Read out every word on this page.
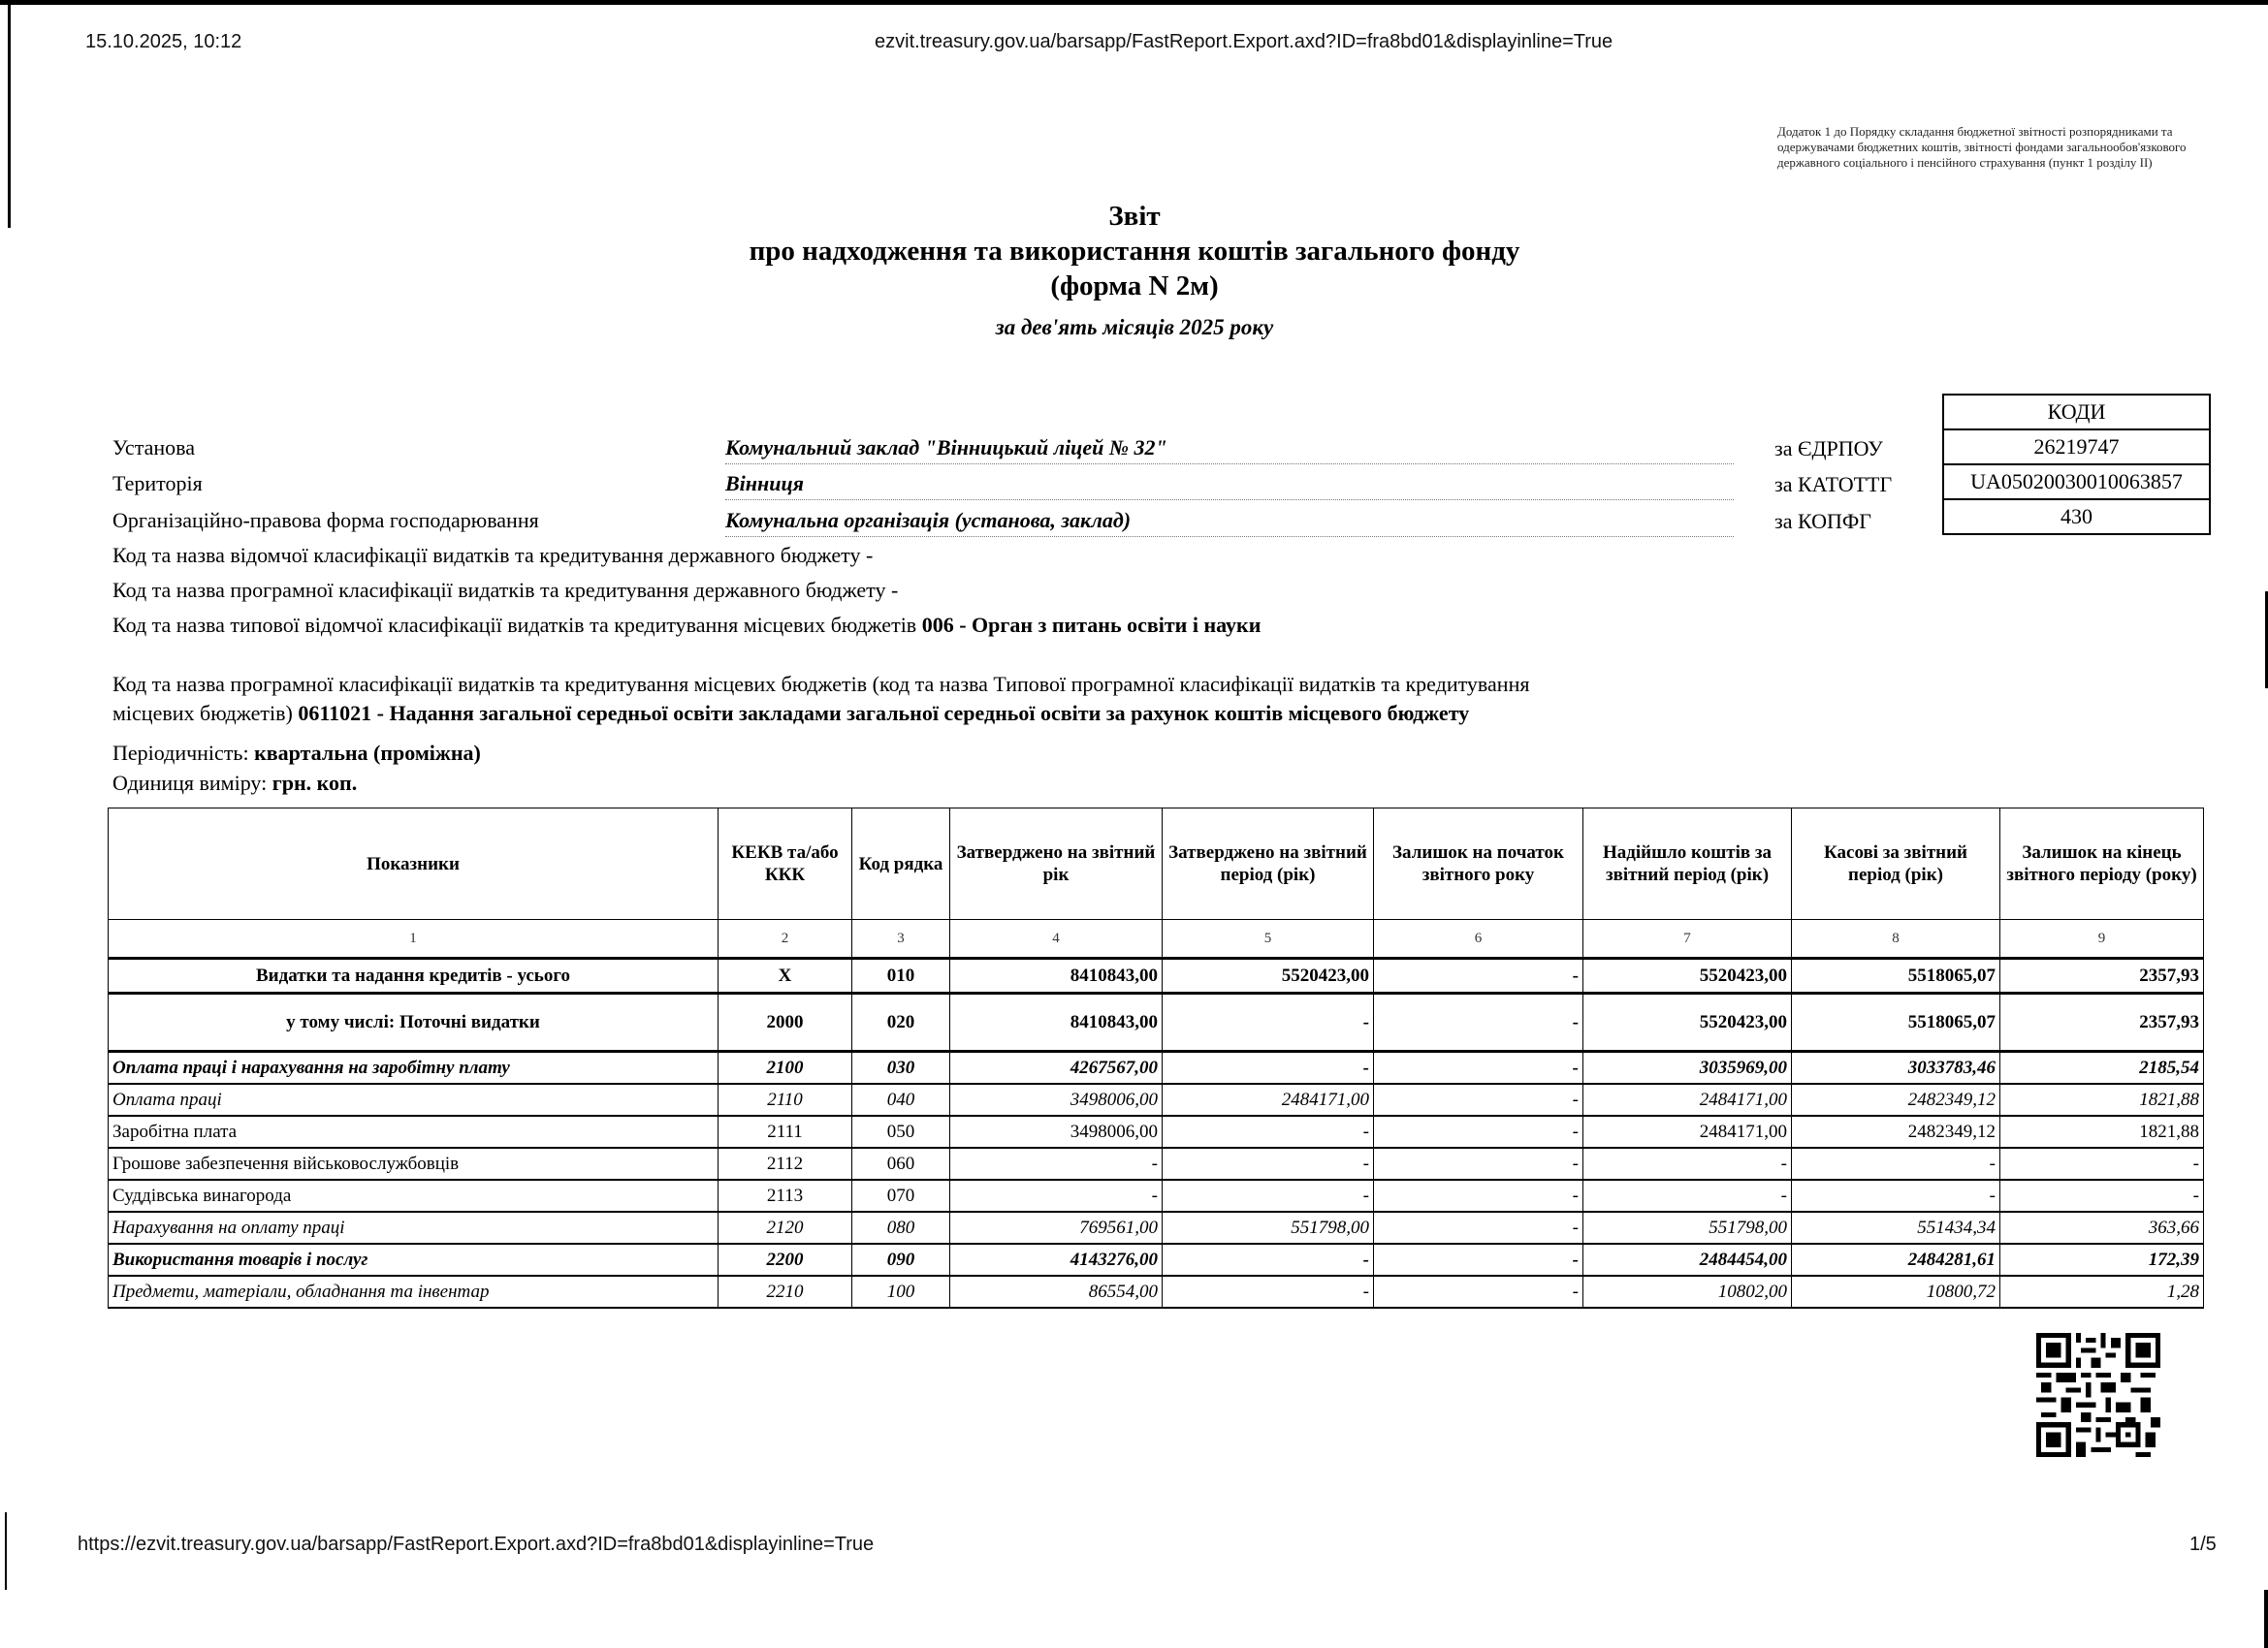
15.10.2025, 10:12	ezvit.treasury.gov.ua/barsapp/FastReport.Export.axd?ID=fra8bd01&displayinline=True
Додаток 1 до Порядку складання бюджетної звітності розпорядниками та одержувачами бюджетних коштів, звітності фондами загальнообов'язкового державного соціального і пенсійного страхування (пункт 1 розділу II)
Звіт
про надходження та використання коштів загального фонду
(форма N 2м)
за дев'ять місяців 2025 року
КОДИ
26219747
UA05020030010063857
430
за ЄДРПОУ
за КАТОТТГ
за КОПФГ
Установа	Комунальний заклад "Вінницький ліцей № 32"
Територія	Вінниця
Організаційно-правова форма господарювання	Комунальна організація (установа, заклад)
Код та назва відомчої класифікації видатків та кредитування державного бюджету -
Код та назва програмної класифікації видатків та кредитування державного бюджету -
Код та назва типової відомчої класифікації видатків та кредитування місцевих бюджетів 006 - Орган з питань освіти і науки
Код та назва програмної класифікації видатків та кредитування місцевих бюджетів (код та назва Типової програмної класифікації видатків та кредитування
місцевих бюджетів) 0611021 - Надання загальної середньої освіти закладами загальної середньої освіти за рахунок коштів місцевого бюджету
Періодичність: квартальна (проміжна)
Одиниця виміру: грн. коп.
Показники	КЕКВ та/або ККК	Код рядка	Затверджено на звітний рік	Затверджено на звітний період (рік)	Залишок на початок звітного року	Надійшло коштів за звітний період (рік)	Касові за звітний період (рік)	Залишок на кінець звітного періоду (року)
1	2	3	4	5	6	7	8	9
Видатки та надання кредитів - усього	X	010	8410843,00	5520423,00	-	5520423,00	5518065,07	2357,93
у тому числі: Поточні видатки	2000	020	8410843,00	-	-	5520423,00	5518065,07	2357,93
Оплата праці і нарахування на заробітну плату	2100	030	4267567,00	-	-	3035969,00	3033783,46	2185,54
Оплата праці	2110	040	3498006,00	2484171,00	-	2484171,00	2482349,12	1821,88
Заробітна плата	2111	050	3498006,00	-	-	2484171,00	2482349,12	1821,88
Грошове забезпечення військовослужбовців	2112	060	-	-	-	-	-	-
Суддівська винагорода	2113	070	-	-	-	-	-	-
Нарахування на оплату праці	2120	080	769561,00	551798,00	-	551798,00	551434,34	363,66
Використання товарів і послуг	2200	090	4143276,00	-	-	2484454,00	2484281,61	172,39
Предмети, матеріали, обладнання та інвентар	2210	100	86554,00	-	-	10802,00	10800,72	1,28
https://ezvit.treasury.gov.ua/barsapp/FastReport.Export.axd?ID=fra8bd01&displayinline=True	1/5
